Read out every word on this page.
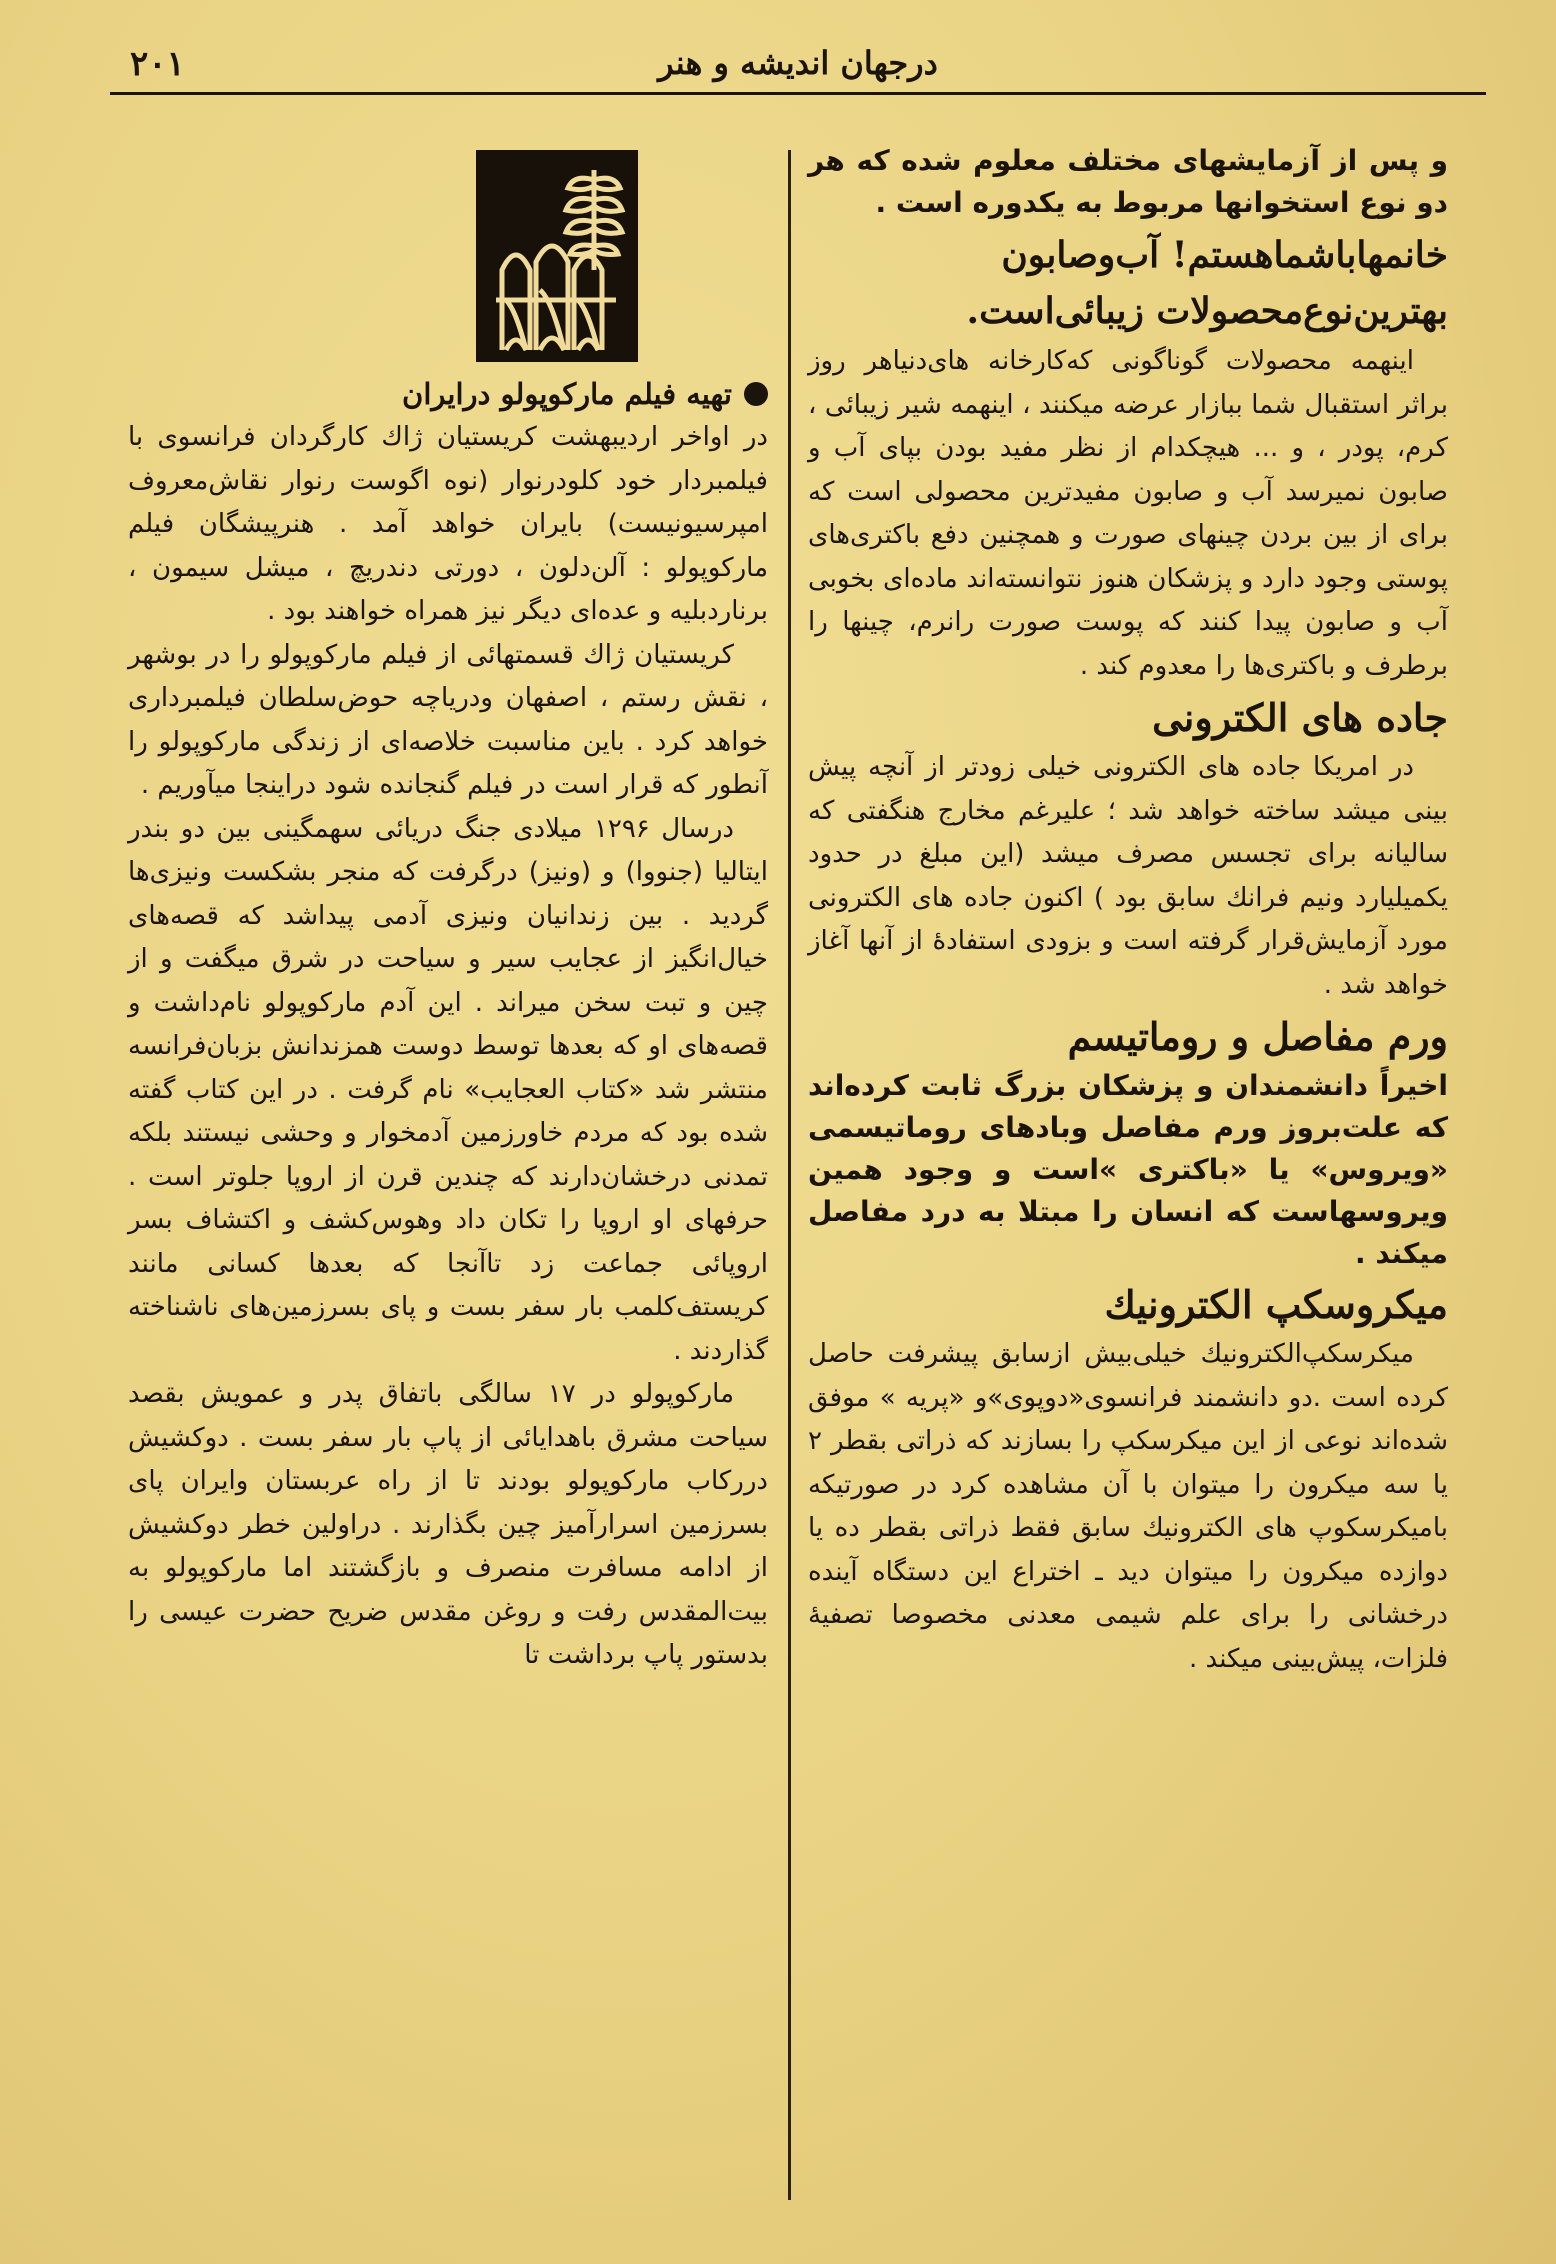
۲۰۱	درجهان اندیشه و هنر

و پس از آزمایشهای مختلف معلوم شده که هر دو نوع استخوانها مربوط به یکدوره است .

خانمهاباشماهستم! آب‌وصابون
بهترین‌نوع‌محصولات زیبائی‌است.

اینهمه محصولات گوناگونی که‌کارخانه های‌دنیاهر روز براثر استقبال شما ببازار عرضه میکنند ، اینهمه شیر زیبائی ، کرم، پودر ، و ... هیچکدام از نظر مفید بودن بپای آب و صابون نمیرسد آب و صابون مفیدترین محصولی است که برای از بین بردن چینهای صورت و همچنین دفع باکتری‌های پوستی وجود دارد و پزشکان هنوز نتوانسته‌اند ماده‌ای بخوبی آب و صابون پیدا کنند که پوست صورت رانرم، چینها را برطرف و باکتری‌ها را معدوم کند .

جاده های الکترونی

در امریکا جاده های الکترونی خیلی زودتر از آنچه پیش بینی میشد ساخته خواهد شد ؛ علیرغم مخارج هنگفتی که سالیانه برای تجسس مصرف میشد (این مبلغ در حدود یکمیلیارد ونیم فرانك سابق بود ) اکنون جاده های الکترونی مورد آزمایش‌قرار گرفته است و بزودی استفادهٔ از آنها آغاز خواهد شد .

ورم مفاصل و روماتیسم

اخیراً دانشمندان و پزشکان بزرگ ثابت کرده‌اند که علت‌بروز ورم مفاصل وبادهای روماتیسمی «ویروس» یا «باکتری »است و وجود همین ویروسهاست که انسان را مبتلا به درد مفاصل میکند .

میکروسکپ الکترونیك

میکرسکپ‌الکترونیك خیلی‌بیش ازسابق پیشرفت حاصل کرده است .دو دانشمند فرانسوی«دوپوی»و «پریه » موفق شده‌اند نوعی از این میکرسکپ را بسازند که ذراتی بقطر ۲ یا سه میکرون را میتوان با آن مشاهده کرد در صورتیکه بامیکرسکوپ های الکترونیك سابق فقط ذراتی بقطر ده یا دوازده میکرون را میتوان دید ـ اختراع این دستگاه آینده درخشانی را برای علم شیمی معدنی مخصوصا تصفیهٔ فلزات، پیش‌بینی میکند .

تهیه فیلم مارکوپولو درایران

در اواخر اردیبهشت کریستیان ژاك کارگردان فرانسوی با فیلمبردار خود کلودرنوار (نوه اگوست رنوار نقاش‌معروف امپرسیونیست) بایران خواهد آمد . هنرپیشگان فیلم مارکوپولو : آلن‌دلون ، دورتی دندریچ ، میشل سیمون ، برناردبلیه و عده‌ای دیگر نیز همراه خواهند بود .

کریستیان ژاك قسمتهائی از فیلم مارکوپولو را در بوشهر ، نقش رستم ، اصفهان ودریاچه حوض‌سلطان فیلمبرداری خواهد کرد . باین مناسبت خلاصه‌ای از زندگی مارکوپولو را آنطور که قرار است در فیلم گنجانده شود دراینجا میآوریم .

درسال ۱۲۹۶ میلادی جنگ دریائی سهمگینی بین دو بندر ایتالیا (جنووا) و (ونیز) درگرفت که منجر بشکست ونیزی‌ها گردید . بین زندانیان ونیزی آدمی پیداشد که قصه‌های خیال‌انگیز از عجایب سیر و سیاحت در شرق میگفت و از چین و تبت سخن میراند . این آدم مارکوپولو نام‌داشت و قصه‌های او که بعدها توسط دوست همزندانش بزبان‌فرانسه منتشر شد «کتاب العجایب» نام گرفت . در این کتاب گفته شده بود که مردم خاورزمین آدمخوار و وحشی نیستند بلکه تمدنی درخشان‌دارند که چندین قرن از اروپا جلوتر است . حرفهای او اروپا را تکان داد وهوس‌کشف و اکتشاف بسر اروپائی جماعت زد تاآنجا که بعدها کسانی مانند کریستف‌کلمب بار سفر بست و پای بسرزمین‌های ناشناخته گذاردند .

مارکوپولو در ۱۷ سالگی باتفاق پدر و عمویش بقصد سیاحت مشرق باهدایائی از پاپ بار سفر بست . دوکشیش دررکاب مارکوپولو بودند تا از راه عربستان وایران پای بسرزمین اسرارآمیز چین بگذارند . دراولین خطر دوکشیش از ادامه مسافرت منصرف و بازگشتند اما مارکوپولو به بیت‌المقدس رفت و روغن مقدس ضریح حضرت عیسی را بدستور پاپ برداشت تا
